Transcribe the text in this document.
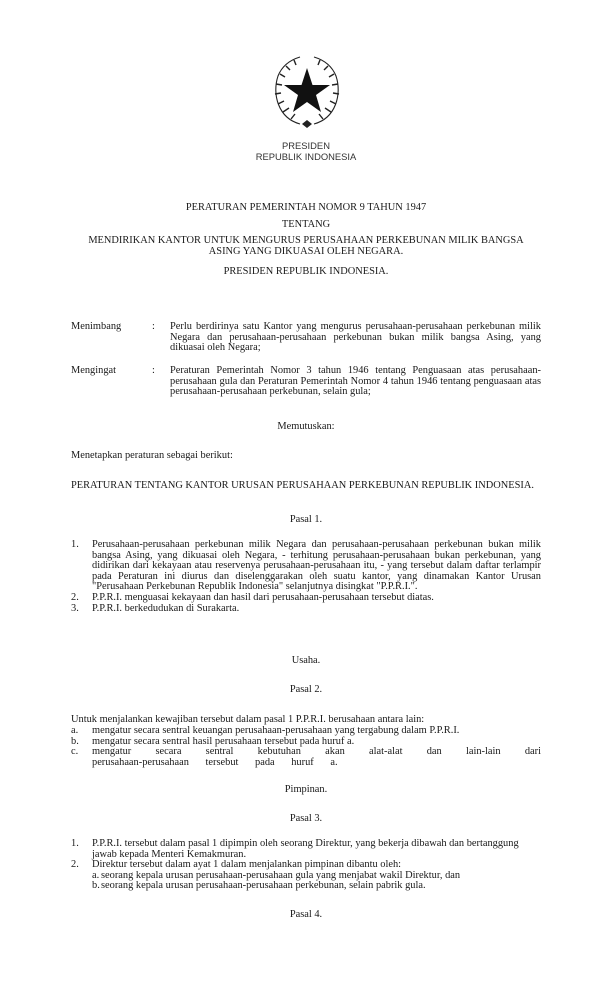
PRESIDEN
REPUBLIK INDONESIA
PERATURAN PEMERINTAH NOMOR 9 TAHUN 1947
TENTANG
MENDIRIKAN KANTOR UNTUK MENGURUS PERUSAHAAN PERKEBUNAN MILIK BANGSA
ASING YANG DIKUASAI OLEH NEGARA.
PRESIDEN REPUBLIK INDONESIA.
Menimbang	: Perlu berdirinya satu Kantor yang mengurus perusahaan-perusahaan perkebunan milik Negara dan perusahaan-perusahaan perkebunan bukan milik bangsa Asing, yang dikuasai oleh Negara;
Mengingat	: Peraturan Pemerintah Nomor 3 tahun 1946 tentang Penguasaan atas perusahaan-perusahaan gula dan Peraturan Pemerintah Nomor 4 tahun 1946 tentang penguasaan atas perusahaan-perusahaan perkebunan, selain gula;
Memutuskan:
Menetapkan peraturan sebagai berikut:
PERATURAN TENTANG KANTOR URUSAN PERUSAHAAN PERKEBUNAN REPUBLIK INDONESIA.
Pasal 1.
1. Perusahaan-perusahaan perkebunan milik Negara dan perusahaan-perusahaan perkebunan bukan milik bangsa Asing, yang dikuasai oleh Negara, - terhitung perusahaan-perusahaan bukan perkebunan, yang didirikan dari kekayaan atau reservenya perusahaan-perusahaan itu, - yang tersebut dalam daftar terlampir pada Peraturan ini diurus dan diselenggarakan oleh suatu kantor, yang dinamakan Kantor Urusan "Perusahaan Perkebunan Republik Indonesia" selanjutnya disingkat "P.P.R.I.".
2. P.P.R.I. menguasai kekayaan dan hasil dari perusahaan-perusahaan tersebut diatas.
3. P.P.R.I. berkedudukan di Surakarta.
Usaha.
Pasal 2.
Untuk menjalankan kewajiban tersebut dalam pasal 1 P.P.R.I. berusahaan antara lain:
a. mengatur secara sentral keuangan perusahaan-perusahaan yang tergabung dalam P.P.R.I.
b. mengatur secara sentral hasil perusahaan tersebut pada huruf a.
c. mengatur secara sentral kebutuhan akan alat-alat dan lain-lain dari perusahaan-perusahaan tersebut pada huruf a.
Pimpinan.
Pasal 3.
1. P.P.R.I. tersebut dalam pasal 1 dipimpin oleh seorang Direktur, yang bekerja dibawah dan bertanggung jawab kepada Menteri Kemakmuran.
2. Direktur tersebut dalam ayat 1 dalam menjalankan pimpinan dibantu oleh:
a. seorang kepala urusan perusahaan-perusahaan gula yang menjabat wakil Direktur, dan
b. seorang kepala urusan perusahaan-perusahaan perkebunan, selain pabrik gula.
Pasal 4.
